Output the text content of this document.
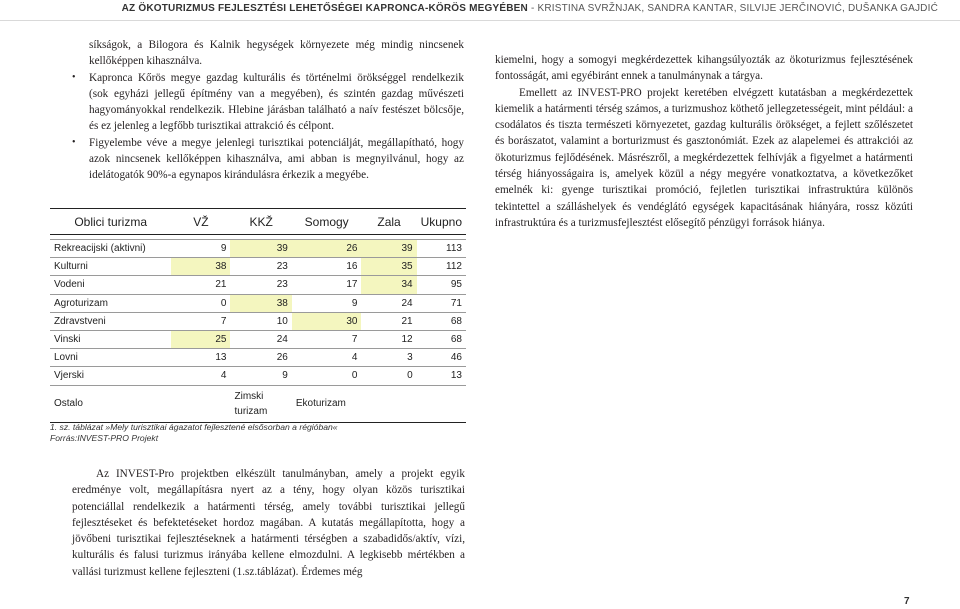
AZ ÖKOTURIZMUS FEJLESZTÉSI LEHETŐSÉGEI KAPRONCA-KÖRÖS MEGYÉBEN - KRISTINA SVRŽNJAK, SANDRA KANTAR, SILVIJE JERČINOVIĆ, DUŠANKA GAJDIĆ

síkságok, a Bilogora és Kalnik hegységek környezete még mindig nincsenek kellőképpen kihasználva.

• Kapronca Kőrös megye gazdag kulturális és történelmi örökséggel rendelkezik (sok egyházi jellegű építmény van a megyében), és szintén gazdag művészeti hagyományokkal rendelkezik. Hlebine járásban található a naív festészet bölcsője, és ez jelenleg a legfőbb turisztikai attrakció és célpont.

• Figyelembe véve a megye jelenlegi turisztikai potenciálját, megállapítható, hogy azok nincsenek kellőképpen kihasználva, ami abban is megnyilvánul, hogy az idelátogatók 90%-a egynapos kirándulásra érkezik a megyébe.

Oblici turizma	VŽ	KKŽ	Somogy	Zala	Ukupno

Rekreacijski (aktivni)	9	39	26	39	113
Kulturni	38	23	16	35	112
Vodeni	21	23	17	34	95
Agroturizam	0	38	9	24	71
Zdravstveni	7	10	30	21	68
Vinski	25	24	7	12	68
Lovni	13	26	4	3	46
Vjerski	4	9	0	0	13
Ostalo		Zimski turizam	Ekoturizam		
1. sz. táblázat »Mely turisztikai ágazatot fejlesztené elsősorban a régióban«
Forrás:INVEST-PRO Projekt

Az INVEST-Pro projektben elkészült tanulmányban, amely a projekt egyik eredménye volt, megállapításra nyert az a tény, hogy olyan közös turisztikai potenciállal rendelkezik a határmenti térség, amely további turisztikai jellegű fejlesztéseket és befektetéseket hordoz magában. A kutatás megállapította, hogy a jövőbeni turisztikai fejlesztéseknek a határmenti térségben a szabadidős/aktív, vízi, kulturális és falusi turizmus irányába kellene elmozdulni. A legkisebb mértékben a vallási turizmust kellene fejleszteni (1.sz.táblázat). Érdemes még

kiemelni, hogy a somogyi megkérdezettek kihangsúlyozták az ökoturizmus fejlesztésének fontosságát, ami egyébiránt ennek a tanulmánynak a tárgya.

Emellett az INVEST-PRO projekt keretében elvégzett kutatásban a megkérdezettek kiemelik a határmenti térség számos, a turizmushoz köthető jellegzetességeit, mint például: a csodálatos és tiszta természeti környezetet, gazdag kulturális örökséget, a fejlett szőlészetet és borászatot, valamint a borturizmust és gasztonómiát. Ezek az alapelemei és attrakciói az ökoturizmus fejlődésének. Másrészről, a megkérdezettek felhívják a figyelmet a határmenti térség hiányosságaira is, amelyek közül a négy megyére vonatkoztatva, a következőket emelnék ki: gyenge turisztikai promóció, fejletlen turisztikai infrastruktúra különös tekintettel a szálláshelyek és vendéglátó egységek kapacitásának hiányára, rossz közúti infrastruktúra és a turizmusfejlesztést elősegítő pénzügyi források hiánya.

7
